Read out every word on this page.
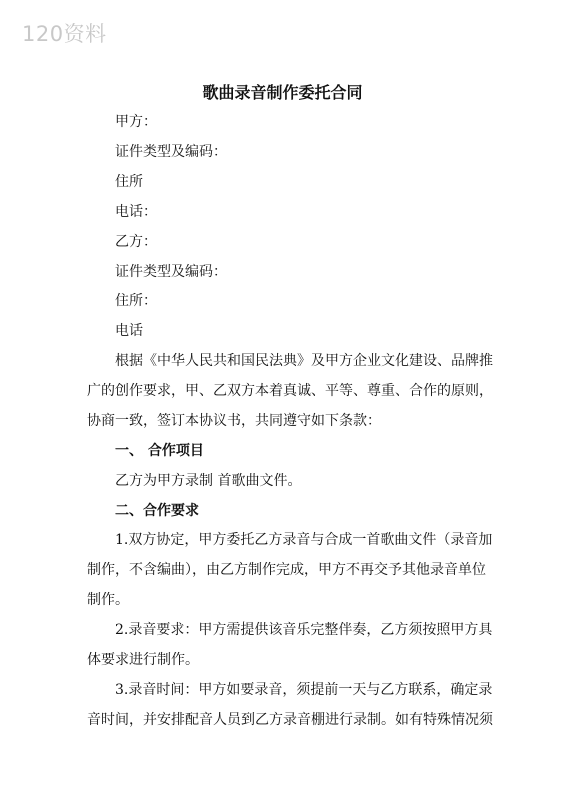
120资料
歌曲录音制作委托合同
甲方：
证件类型及编码：
住所
电话：
乙方：
证件类型及编码：
住所：
电话
根据《中华人民共和国民法典》及甲方企业文化建设、品牌推
广的创作要求，甲、乙双方本着真诚、平等、尊重、合作的原则，
协商一致，签订本协议书，共同遵守如下条款：
一、 合作项目
乙方为甲方录制 首歌曲文件。
二、合作要求
1.双方协定，甲方委托乙方录音与合成一首歌曲文件（录音加
制作，不含编曲），由乙方制作完成，甲方不再交予其他录音单位
制作。
2.录音要求：甲方需提供该音乐完整伴奏，乙方须按照甲方具
体要求进行制作。
3.录音时间：甲方如要录音，须提前一天与乙方联系，确定录
音时间，并安排配音人员到乙方录音棚进行录制。如有特殊情况须
